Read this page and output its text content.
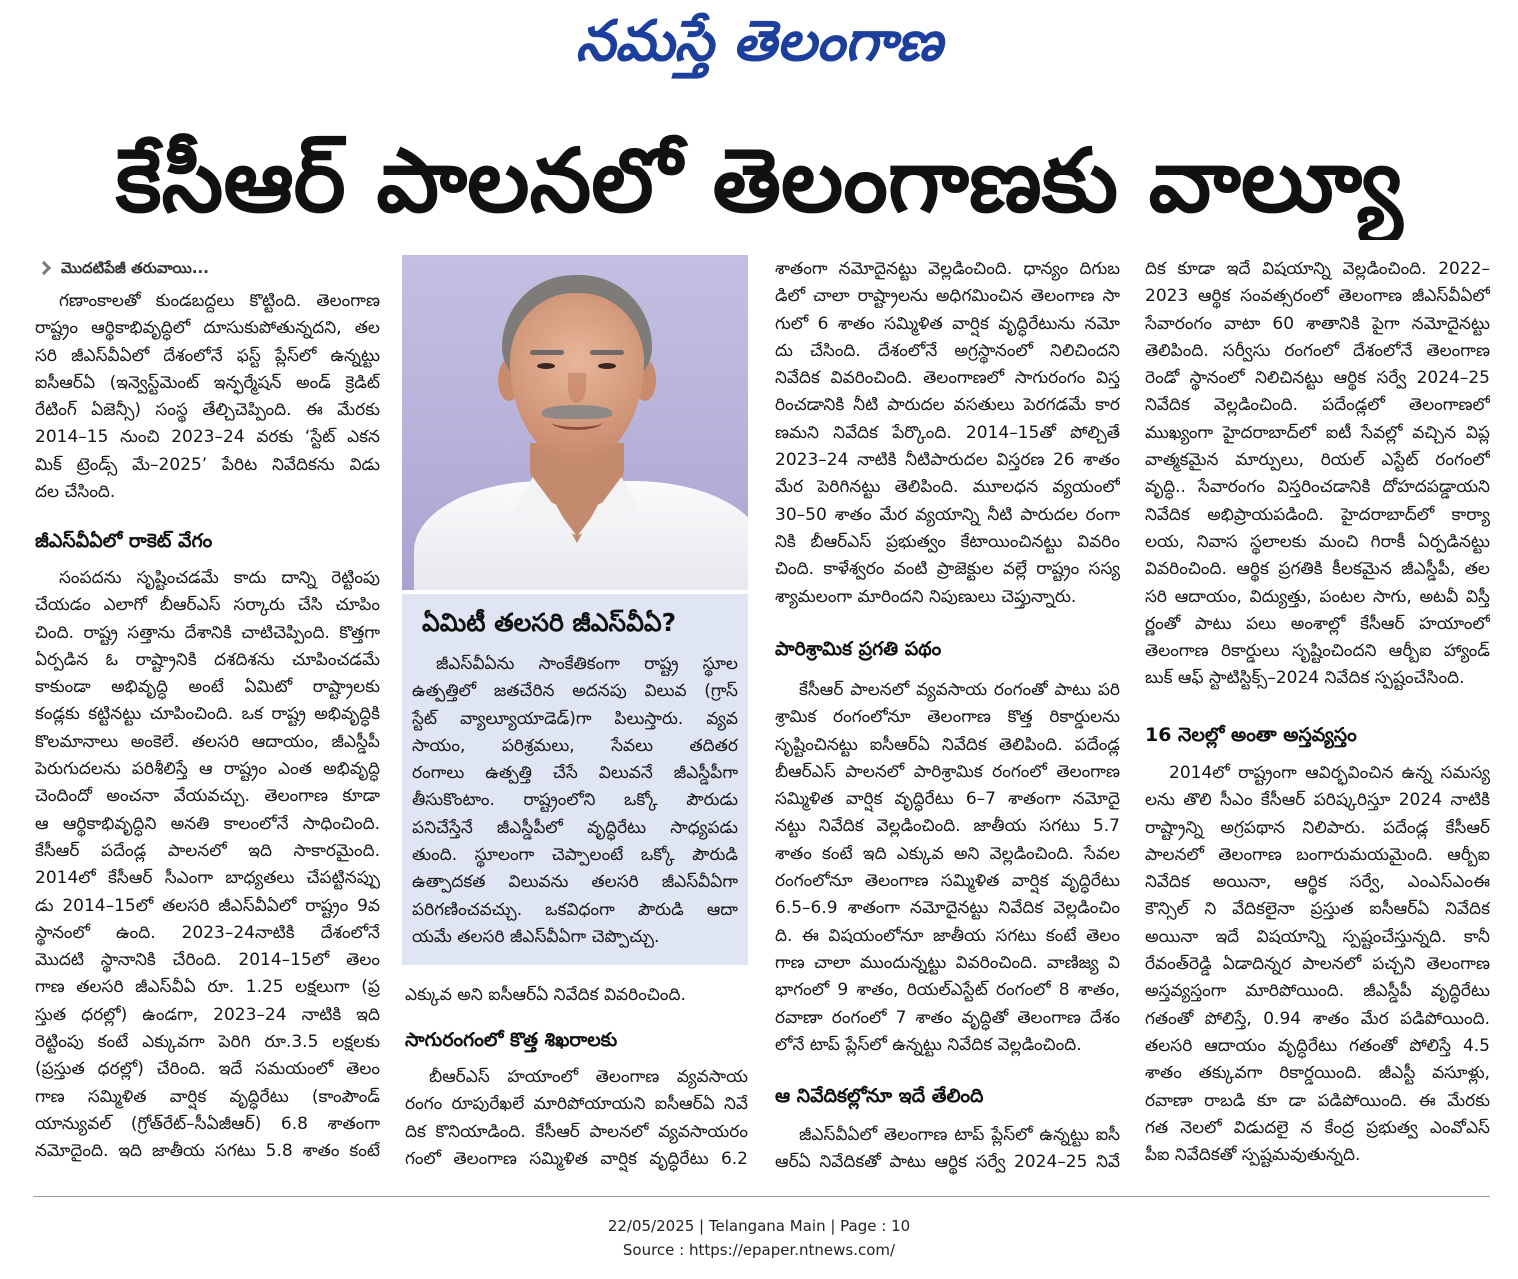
నమస్తే తెలంగాణ
కేసీఆర్ పాలనలో తెలంగాణకు వాల్యూ
మొదటిపేజీ తరువాయి...
గణాంకాలతో కుండబద్దలు కొట్టింది. తెలంగాణ
రాష్ట్రం ఆర్థికాభివృద్ధిలో దూసుకుపోతున్నదని, తల
సరి జీఎస్‌వీఏలో దేశంలోనే ఫస్ట్ ప్లేస్‌లో ఉన్నట్టు
ఐసీఆర్ఏ (ఇన్వెస్ట్‌మెంట్ ఇన్ఫర్మేషన్ అండ్ క్రెడిట్
రేటింగ్ ఏజెన్సీ) సంస్థ తేల్చిచెప్పింది. ఈ మేరకు
2014–15 నుంచి 2023–24 వరకు ‘స్టేట్ ఎకన
మిక్ ట్రెండ్స్ మే–2025’ పేరిట నివేదికను విడు
దల చేసింది.
జీఎస్‌వీఏలో రాకెట్ వేగం
సంపదను సృష్టించడమే కాదు దాన్ని రెట్టింపు
చేయడం ఎలాగో బీఆర్‌ఎస్ సర్కారు చేసి చూపిం
చింది. రాష్ట్ర సత్తాను దేశానికి చాటిచెప్పింది. కొత్తగా
ఏర్పడిన ఓ రాష్ట్రానికి దశదిశను చూపించడమే
కాకుండా అభివృద్ధి అంటే ఏమిటో రాష్ట్రాలకు
కండ్లకు కట్టినట్టు చూపించింది. ఒక రాష్ట్ర అభివృద్ధికి
కొలమానాలు అంకెలే. తలసరి ఆదాయం, జీఎస్డీపీ
పెరుగుదలను పరిశీలిస్తే ఆ రాష్ట్రం ఎంత అభివృద్ధి
చెందిందో అంచనా వేయవచ్చు. తెలంగాణ కూడా
ఆ ఆర్థికాభివృద్ధిని అనతి కాలంలోనే సాధించింది.
కేసీఆర్ పదేండ్ల పాలనలో ఇది సాకారమైంది.
2014లో కేసీఆర్ సీఎంగా బాధ్యతలు చేపట్టినప్పు
డు 2014–15లో తలసరి జీఎస్‌వీఏలో రాష్ట్రం 9వ
స్థానంలో ఉంది. 2023–24నాటికి దేశంలోనే
మొదటి స్థానానికి చేరింది. 2014–15లో తెలం
గాణ తలసరి జీఎస్‌వీఏ రూ. 1.25 లక్షలుగా (ప్ర
స్తుత ధరల్లో) ఉండగా, 2023–24 నాటికి ఇది
రెట్టింపు కంటే ఎక్కువగా పెరిగి రూ.3.5 లక్షలకు
(ప్రస్తుత ధరల్లో) చేరింది. ఇదే సమయంలో తెలం
గాణ సమ్మిళిత వార్షిక వృద్ధిరేటు (కాంపౌండ్
యాన్యువల్ (గ్రోత్‌రేట్–సీఏజీఆర్) 6.8 శాతంగా
నమోదైంది. ఇది జాతీయ సగటు 5.8 శాతం కంటే
ఏమిటీ తలసరి జీఎస్‌వీఏ?
జీఎస్‌వీఏను సాంకేతికంగా రాష్ట్ర స్థూల
ఉత్పత్తిలో జతచేరిన అదనపు విలువ (గ్రాస్
స్టేట్ వ్యాల్యూయాడెడ్)గా పిలుస్తారు. వ్యవ
సాయం, పరిశ్రమలు, సేవలు తదితర
రంగాలు ఉత్పత్తి చేసే విలువనే జీఎస్డీపీగా
తీసుకొంటాం. రాష్ట్రంలోని ఒక్కో పౌరుడు
పనిచేస్తేనే జీఎస్డీపీలో వృద్ధిరేటు సాధ్యపడు
తుంది. స్థూలంగా చెప్పాలంటే ఒక్కో పౌరుడి
ఉత్పాదకత విలువను తలసరి జీఎస్‌వీఏగా
పరిగణించవచ్చు. ఒకవిధంగా పౌరుడి ఆదా
యమే తలసరి జీఎస్‌వీఏగా చెప్పొచ్చు.
ఎక్కువ అని ఐసీఆర్ఏ నివేదిక వివరించింది.
సాగురంగంలో కొత్త శిఖరాలకు
బీఆర్‌ఎస్ హయాంలో తెలంగాణ వ్యవసాయ
రంగం రూపురేఖలే మారిపోయాయని ఐసీఆర్ఏ నివే
దిక కొనియాడింది. కేసీఆర్ పాలనలో వ్యవసాయరం
గంలో తెలంగాణ సమ్మిళిత వార్షిక వృద్ధిరేటు 6.2
శాతంగా నమోదైనట్టు వెల్లడించింది. ధాన్యం దిగుబ
డిలో చాలా రాష్ట్రాలను అధిగమించిన తెలంగాణ సా
గులో 6 శాతం సమ్మిళిత వార్షిక వృద్ధిరేటును నమో
దు చేసింది. దేశంలోనే అగ్రస్థానంలో నిలిచిందని
నివేదిక వివరించింది. తెలంగాణలో సాగురంగం విస్త
రించడానికి నీటి పారుదల వసతులు పెరగడమే కార
ణమని నివేదిక పేర్కొంది. 2014–15తో పోల్చితే
2023–24 నాటికి నీటిపారుదల విస్తరణ 26 శాతం
మేర పెరిగినట్టు తెలిపింది. మూలధన వ్యయంలో
30–50 శాతం మేర వ్యయాన్ని నీటి పారుదల రంగా
నికి బీఆర్‌ఎస్ ప్రభుత్వం కేటాయించినట్టు వివరిం
చింది. కాళేశ్వరం వంటి ప్రాజెక్టుల వల్లే రాష్ట్రం సస్య
శ్యామలంగా మారిందని నిపుణులు చెప్తున్నారు.
పారిశ్రామిక ప్రగతి పథం
కేసీఆర్ పాలనలో వ్యవసాయ రంగంతో పాటు పరి
శ్రామిక రంగంలోనూ తెలంగాణ కొత్త రికార్డులను
సృష్టించినట్టు ఐసీఆర్ఏ నివేదిక తెలిపింది. పదేండ్ల
బీఆర్‌ఎస్ పాలనలో పారిశ్రామిక రంగంలో తెలంగాణ
సమ్మిళిత వార్షిక వృద్ధిరేటు 6–7 శాతంగా నమోదై
నట్టు నివేదిక వెల్లడించింది. జాతీయ సగటు 5.7
శాతం కంటే ఇది ఎక్కువ అని వెల్లడించింది. సేవల
రంగంలోనూ తెలంగాణ సమ్మిళిత వార్షిక వృద్ధిరేటు
6.5–6.9 శాతంగా నమోదైనట్టు నివేదిక వెల్లడించిం
ది. ఈ విషయంలోనూ జాతీయ సగటు కంటే తెలం
గాణ చాలా ముందున్నట్టు వివరించింది. వాణిజ్య వి
భాగంలో 9 శాతం, రియల్‌ఎస్టేట్ రంగంలో 8 శాతం,
రవాణా రంగంలో 7 శాతం వృద్ధితో తెలంగాణ దేశం
లోనే టాప్ ప్లేస్‌లో ఉన్నట్టు నివేదిక వెల్లడించింది.
ఆ నివేదికల్లోనూ ఇదే తేలింది
జీఎస్‌వీఏలో తెలంగాణ టాప్ ప్లేస్‌లో ఉన్నట్టు ఐసీ
ఆర్ఏ నివేదికతో పాటు ఆర్థిక సర్వే 2024–25 నివే
దిక కూడా ఇదే విషయాన్ని వెల్లడించింది. 2022–
2023 ఆర్థిక సంవత్సరంలో తెలంగాణ జీఎస్‌వీఏలో
సేవారంగం వాటా 60 శాతానికి పైగా నమోదైనట్టు
తెలిపింది. సర్వీసు రంగంలో దేశంలోనే తెలంగాణ
రెండో స్థానంలో నిలిచినట్టు ఆర్థిక సర్వే 2024–25
నివేదిక వెల్లడించింది. పదేండ్లలో తెలంగాణలో
ముఖ్యంగా హైదరాబాద్‌లో ఐటీ సేవల్లో వచ్చిన విప్ల
వాత్మకమైన మార్పులు, రియల్ ఎస్టేట్ రంగంలో
వృద్ధి.. సేవారంగం విస్తరించడానికి దోహదపడ్డాయని
నివేదిక అభిప్రాయపడింది. హైదరాబాద్‌లో కార్యా
లయ, నివాస స్థలాలకు మంచి గిరాకీ ఏర్పడినట్టు
వివరించింది. ఆర్థిక ప్రగతికి కీలకమైన జీఎస్డీపీ, తల
సరి ఆదాయం, విద్యుత్తు, పంటల సాగు, అటవీ విస్తీ
ర్ణంతో పాటు పలు అంశాల్లో కేసీఆర్ హయాంలో
తెలంగాణ రికార్డులు సృష్టించిందని ఆర్బీఐ హ్యాండ్
బుక్ ఆఫ్ స్టాటిస్టిక్స్–2024 నివేదిక స్పష్టంచేసింది.
16 నెలల్లో అంతా అస్తవ్యస్తం
2014లో రాష్ట్రంగా ఆవిర్భవించిన ఉన్న సమస్య
లను తొలి సీఎం కేసీఆర్ పరిష్కరిస్తూ 2024 నాటికి
రాష్ట్రాన్ని అగ్రపథాన నిలిపారు. పదేండ్ల కేసీఆర్
పాలనలో తెలంగాణ బంగారుమయమైంది. ఆర్బీఐ
నివేదిక అయినా, ఆర్థిక సర్వే, ఎంఎస్‌ఎంఈ
కౌన్సిల్ ని వేదికలైనా ప్రస్తుత ఐసీఆర్ఏ నివేదిక
అయినా ఇదే విషయాన్ని స్పష్టంచేస్తున్నది. కానీ
రేవంత్‌రెడ్డి ఏడాదిన్నర పాలనలో పచ్చని తెలంగాణ
అస్తవ్యస్తంగా మారిపోయింది. జీఎస్డీపీ వృద్ధిరేటు
గతంతో పోలిస్తే, 0.94 శాతం మేర పడిపోయింది.
తలసరి ఆదాయం వృద్ధిరేటు గతంతో పోలిస్తే 4.5
శాతం తక్కువగా రికార్డయింది. జీఎస్టీ వసూళ్లు,
రవాణా రాబడి కూ డా పడిపోయింది. ఈ మేరకు
గత నెలలో విడుదలై న కేంద్ర ప్రభుత్వ ఎంవోఎస్
పీఐ నివేదికతో స్పష్టమవుతున్నది.
22/05/2025 | Telangana Main | Page : 10
Source : https://epaper.ntnews.com/
